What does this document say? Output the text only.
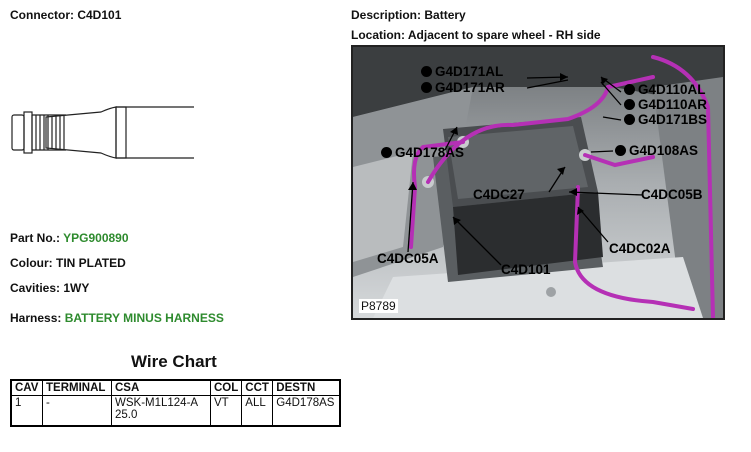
Connector: C4D101	Description: Battery
Location: Adjacent to spare wheel - RH side
Part No.: YPG900890
Colour: TIN PLATED
Cavities: 1WY
Harness: BATTERY MINUS HARNESS
Wire Chart
CAV	TERMINAL	CSA	COL	CCT	DESTN
1	-	WSK-M1L124-A 25.0	VT	ALL	G4D178AS
G4D171AL
G4D171AR	G4D110AL
G4D110AR
G4D171BS
G4D178AS	G4D108AS
C4DC27	C4DC05B
C4DC02A
C4DC05A
C4D101
P8789
